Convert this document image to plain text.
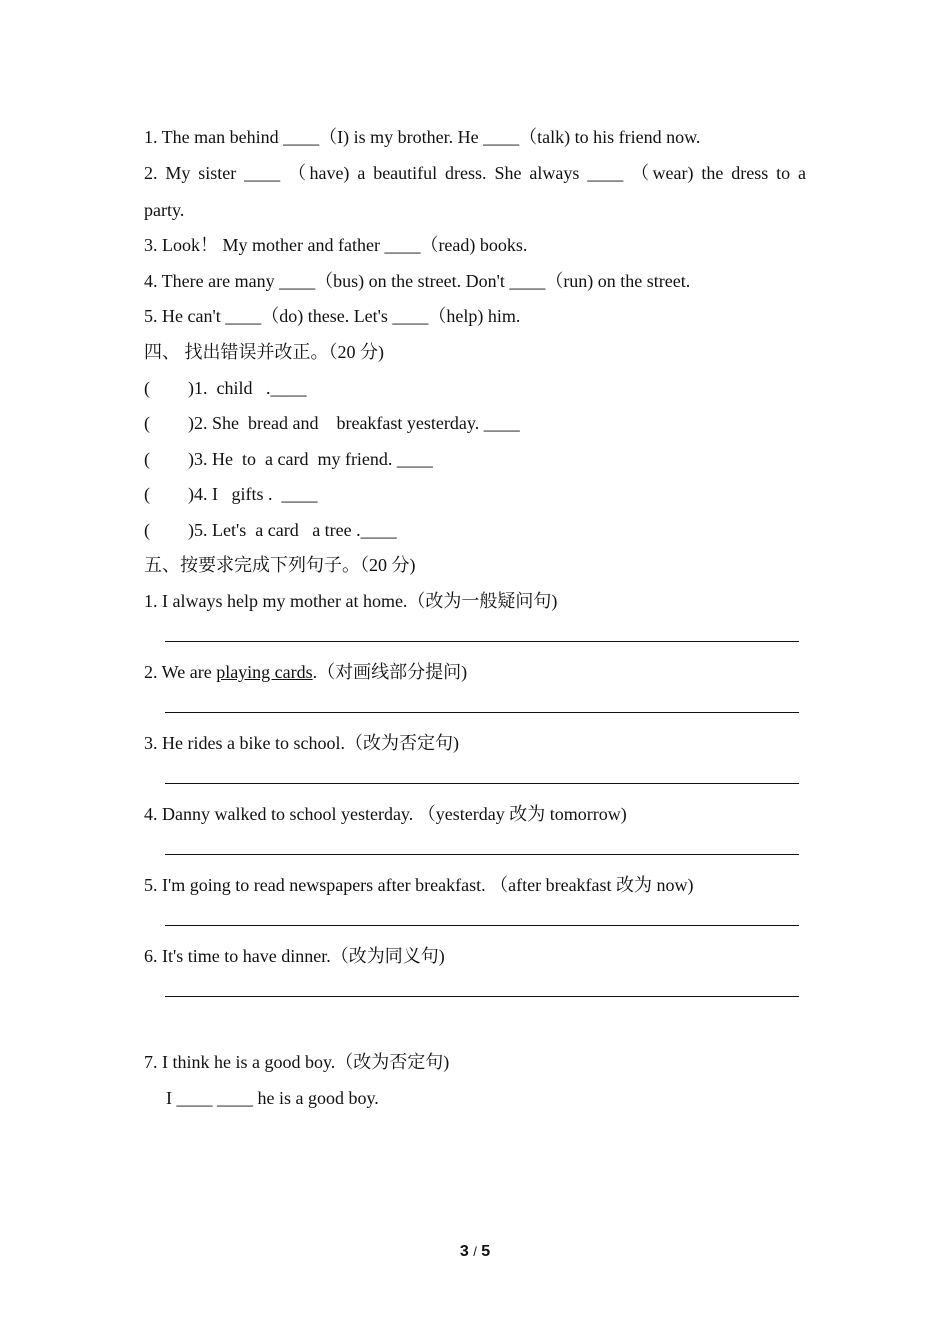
1. The man behind ____（I) is my brother. He ____（talk) to his friend now.
2. My sister ____ （have) a beautiful dress. She always ____ （wear) the dress to a
party.
3. Look！ My mother and father ____（read) books.
4. There are many ____（bus) on the street. Don't ____（run) on the street.
5. He can't ____（do) these. Let's ____（help) him.
四、 找出错误并改正。（20 分)
( )1.  child   .____
( )2. She  bread and    breakfast yesterday. ____
( )3. He  to  a card  my friend. ____
( )4. I   gifts .  ____
( )5. Let's  a card   a tree .____
五、按要求完成下列句子。（20 分)
1. I always help my mother at home.（改为一般疑问句)
2. We are playing cards.（对画线部分提问)
3. He rides a bike to school.（改为否定句)
4. Danny walked to school yesterday. （yesterday 改为 tomorrow)
5. I'm going to read newspapers after breakfast. （after breakfast 改为 now)
6. It's time to have dinner.（改为同义句)
7. I think he is a good boy.（改为否定句)
I ____ ____ he is a good boy.
3 / 5
